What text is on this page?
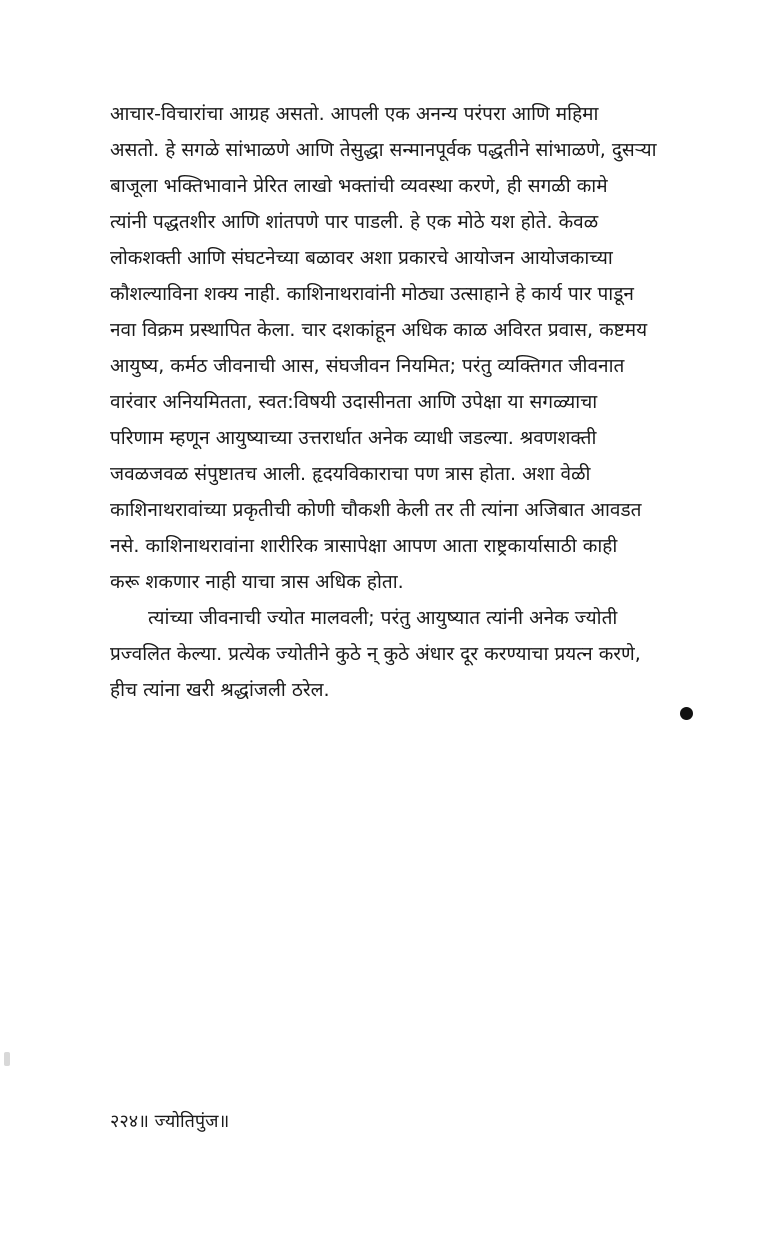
आचार-विचारांचा आग्रह असतो. आपली एक अनन्य परंपरा आणि महिमा
असतो. हे सगळे सांभाळणे आणि तेसुद्धा सन्मानपूर्वक पद्धतीने सांभाळणे, दुसऱ्या
बाजूला भक्तिभावाने प्रेरित लाखो भक्तांची व्यवस्था करणे, ही सगळी कामे
त्यांनी पद्धतशीर आणि शांतपणे पार पाडली. हे एक मोठे यश होते. केवळ
लोकशक्ती आणि संघटनेच्या बळावर अशा प्रकारचे आयोजन आयोजकाच्या
कौशल्याविना शक्य नाही. काशिनाथरावांनी मोठ्या उत्साहाने हे कार्य पार पाडून
नवा विक्रम प्रस्थापित केला. चार दशकांहून अधिक काळ अविरत प्रवास, कष्टमय
आयुष्य, कर्मठ जीवनाची आस, संघजीवन नियमित; परंतु व्यक्तिगत जीवनात
वारंवार अनियमितता, स्वत:विषयी उदासीनता आणि उपेक्षा या सगळ्याचा
परिणाम म्हणून आयुष्याच्या उत्तरार्धात अनेक व्याधी जडल्या. श्रवणशक्ती
जवळजवळ संपुष्टातच आली. हृदयविकाराचा पण त्रास होता. अशा वेळी
काशिनाथरावांच्या प्रकृतीची कोणी चौकशी केली तर ती त्यांना अजिबात आवडत
नसे. काशिनाथरावांना शारीरिक त्रासापेक्षा आपण आता राष्ट्रकार्यासाठी काही
करू शकणार नाही याचा त्रास अधिक होता.
त्यांच्या जीवनाची ज्योत मालवली; परंतु आयुष्यात त्यांनी अनेक ज्योती
प्रज्वलित केल्या. प्रत्येक ज्योतीने कुठे न् कुठे अंधार दूर करण्याचा प्रयत्न करणे,
हीच त्यांना खरी श्रद्धांजली ठरेल.
२२४॥ ज्योतिपुंज॥
